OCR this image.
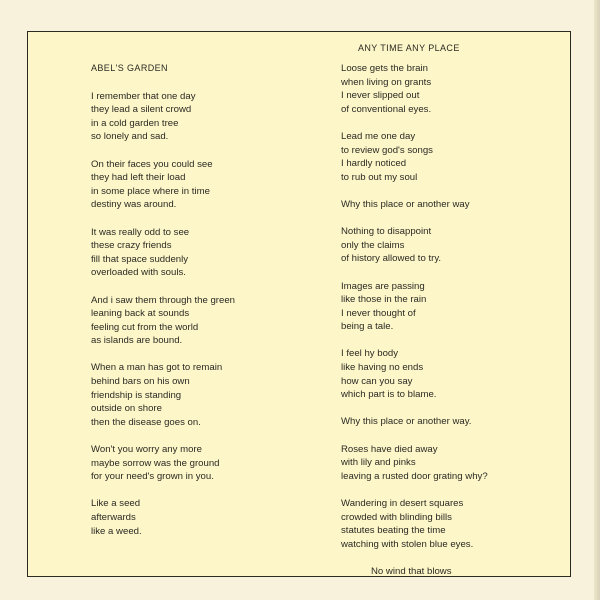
ABEL'S GARDEN
I remember that one day
they lead a silent crowd
in a cold garden tree
so lonely and sad.
On their faces you could see
they had left their load
in some place where in time
destiny was around.
It was really odd to see
these crazy friends
fill that space suddenly
overloaded with souls.
And i saw them through the green
leaning back at sounds
feeling cut from the world
as islands are bound.
When a man has got to remain
behind bars on his own
friendship is standing
outside on shore
then the disease goes on.
Won't you worry any more
maybe sorrow was the ground
for your need's grown in you.
Like a seed
afterwards
like a weed.
ANY TIME ANY PLACE
Loose gets the brain
when living on grants
I never slipped out
of conventional eyes.
Lead me one day
to review god's songs
I hardly noticed
to rub out my soul
Why this place or another way
Nothing to disappoint
only the claims
of history allowed to try.
Images are passing
like those in the rain
I never thought of
being a tale.
I feel hy body
like having no ends
how can you say
which part is to blame.
Why this place or another way.
Roses have died away
with lily and pinks
leaving a rusted door grating why?
Wandering in desert squares
crowded with blinding bills
statutes beating the time
watching with stolen blue eyes.
No wind that blows
